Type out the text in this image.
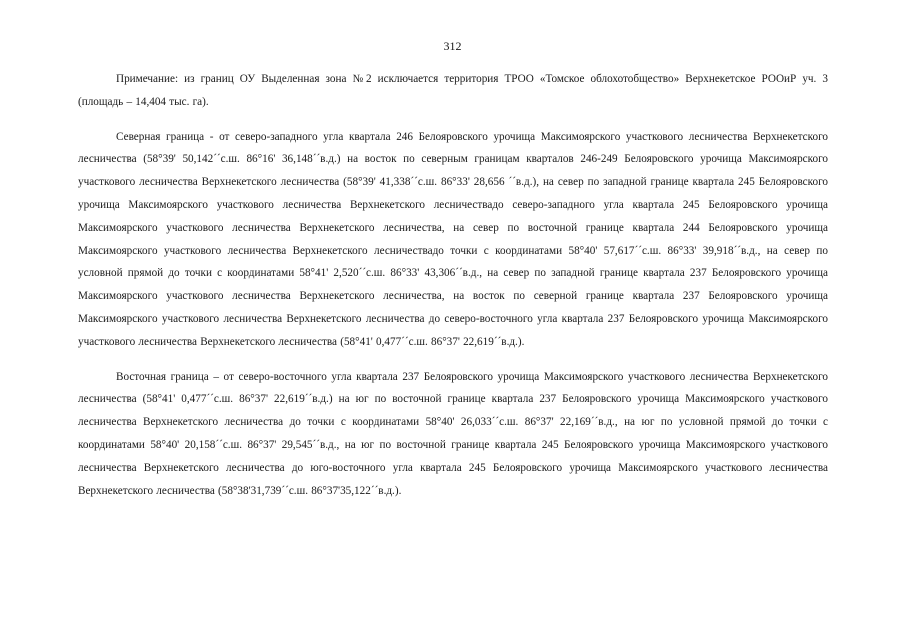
312

Примечание: из границ ОУ Выделенная зона №2 исключается территория ТРОО «Томское облохотобщество» Верхнекетское РООиР уч. 3 (площадь – 14,404 тыс. га).

Северная граница - от северо-западного угла квартала 246 Белояровского урочища Максимоярского участкового лесничества Верхнекетского лесничества (58°39' 50,142´´с.ш. 86°16' 36,148´´в.д.) на восток по северным границам кварталов 246-249 Белояровского урочища Максимоярского участкового лесничества Верхнекетского лесничества (58°39' 41,338´´с.ш. 86°33' 28,656 ´´в.д.), на север по западной границе квартала 245 Белояровского урочища Максимоярского участкового лесничества Верхнекетского лесничествадо северо-западного угла квартала 245 Белояровского урочища Максимоярского участкового лесничества Верхнекетского лесничества, на север по восточной границе квартала 244 Белояровского урочища Максимоярского участкового лесничества Верхнекетского лесничествадо точки с координатами 58°40' 57,617´´с.ш. 86°33' 39,918´´в.д., на север по условной прямой до точки с координатами 58°41' 2,520´´с.ш. 86°33' 43,306´´в.д., на север по западной границе квартала 237 Белояровского урочища Максимоярского участкового лесничества Верхнекетского лесничества, на восток по северной границе квартала 237 Белояровского урочища Максимоярского участкового лесничества Верхнекетского лесничества до северо-восточного угла квартала 237 Белояровского урочища Максимоярского участкового лесничества Верхнекетского лесничества (58°41' 0,477´´с.ш. 86°37' 22,619´´в.д.).

Восточная граница – от северо-восточного угла квартала 237 Белояровского урочища Максимоярского участкового лесничества Верхнекетского лесничества (58°41' 0,477´´с.ш. 86°37' 22,619´´в.д.) на юг по восточной границе квартала 237 Белояровского урочища Максимоярского участкового лесничества Верхнекетского лесничества до точки с координатами 58°40' 26,033´´с.ш. 86°37' 22,169´´в.д., на юг по условной прямой до точки с координатами 58°40' 20,158´´с.ш. 86°37' 29,545´´в.д., на юг по восточной границе квартала 245 Белояровского урочища Максимоярского участкового лесничества Верхнекетского лесничества до юго-восточного угла квартала 245 Белояровского урочища Максимоярского участкового лесничества Верхнекетского лесничества (58°38'31,739´´с.ш. 86°37'35,122´´в.д.).
